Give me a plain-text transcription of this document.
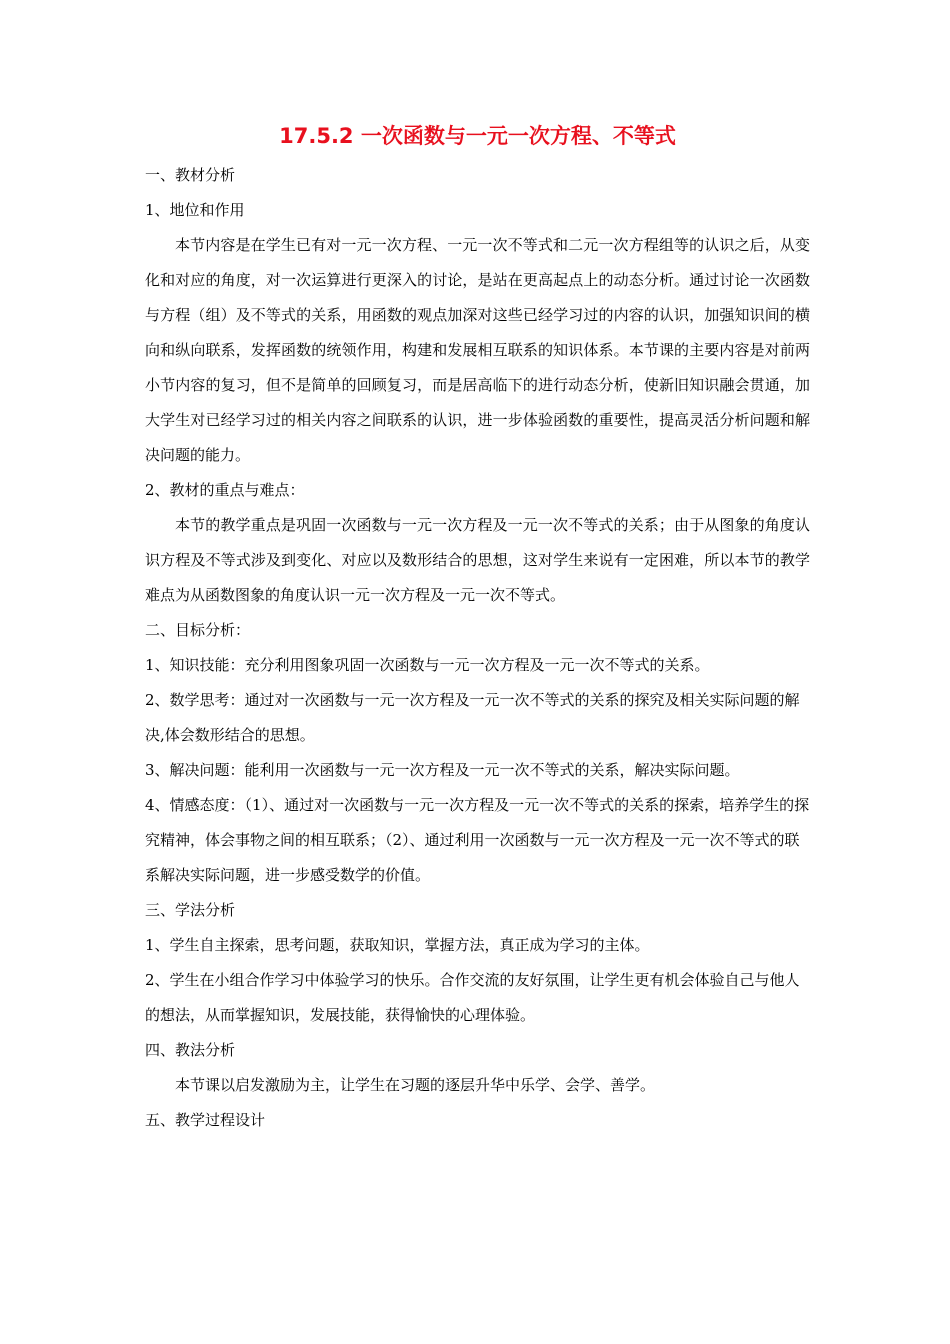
17.5.2 一次函数与一元一次方程、不等式
一、教材分析
1、地位和作用
本节内容是在学生已有对一元一次方程、一元一次不等式和二元一次方程组等的认识之后，从变化和对应的角度，对一次运算进行更深入的讨论，是站在更高起点上的动态分析。通过讨论一次函数与方程（组）及不等式的关系，用函数的观点加深对这些已经学习过的内容的认识，加强知识间的横向和纵向联系，发挥函数的统领作用，构建和发展相互联系的知识体系。本节课的主要内容是对前两小节内容的复习，但不是简单的回顾复习，而是居高临下的进行动态分析，使新旧知识融会贯通，加大学生对已经学习过的相关内容之间联系的认识，进一步体验函数的重要性，提高灵活分析问题和解决问题的能力。
2、教材的重点与难点：
本节的教学重点是巩固一次函数与一元一次方程及一元一次不等式的关系；由于从图象的角度认识方程及不等式涉及到变化、对应以及数形结合的思想，这对学生来说有一定困难，所以本节的教学难点为从函数图象的角度认识一元一次方程及一元一次不等式。
二、目标分析：
1、知识技能：充分利用图象巩固一次函数与一元一次方程及一元一次不等式的关系。
2、数学思考：通过对一次函数与一元一次方程及一元一次不等式的关系的探究及相关实际问题的解决,体会数形结合的思想。
3、解决问题：能利用一次函数与一元一次方程及一元一次不等式的关系，解决实际问题。
4、情感态度：（1）、通过对一次函数与一元一次方程及一元一次不等式的关系的探索，培养学生的探究精神，体会事物之间的相互联系；（2）、通过利用一次函数与一元一次方程及一元一次不等式的联系解决实际问题，进一步感受数学的价值。
三、学法分析
1、学生自主探索，思考问题，获取知识，掌握方法，真正成为学习的主体。
2、学生在小组合作学习中体验学习的快乐。合作交流的友好氛围，让学生更有机会体验自己与他人的想法，从而掌握知识，发展技能，获得愉快的心理体验。
四、教法分析
本节课以启发激励为主，让学生在习题的逐层升华中乐学、会学、善学。
五、教学过程设计
